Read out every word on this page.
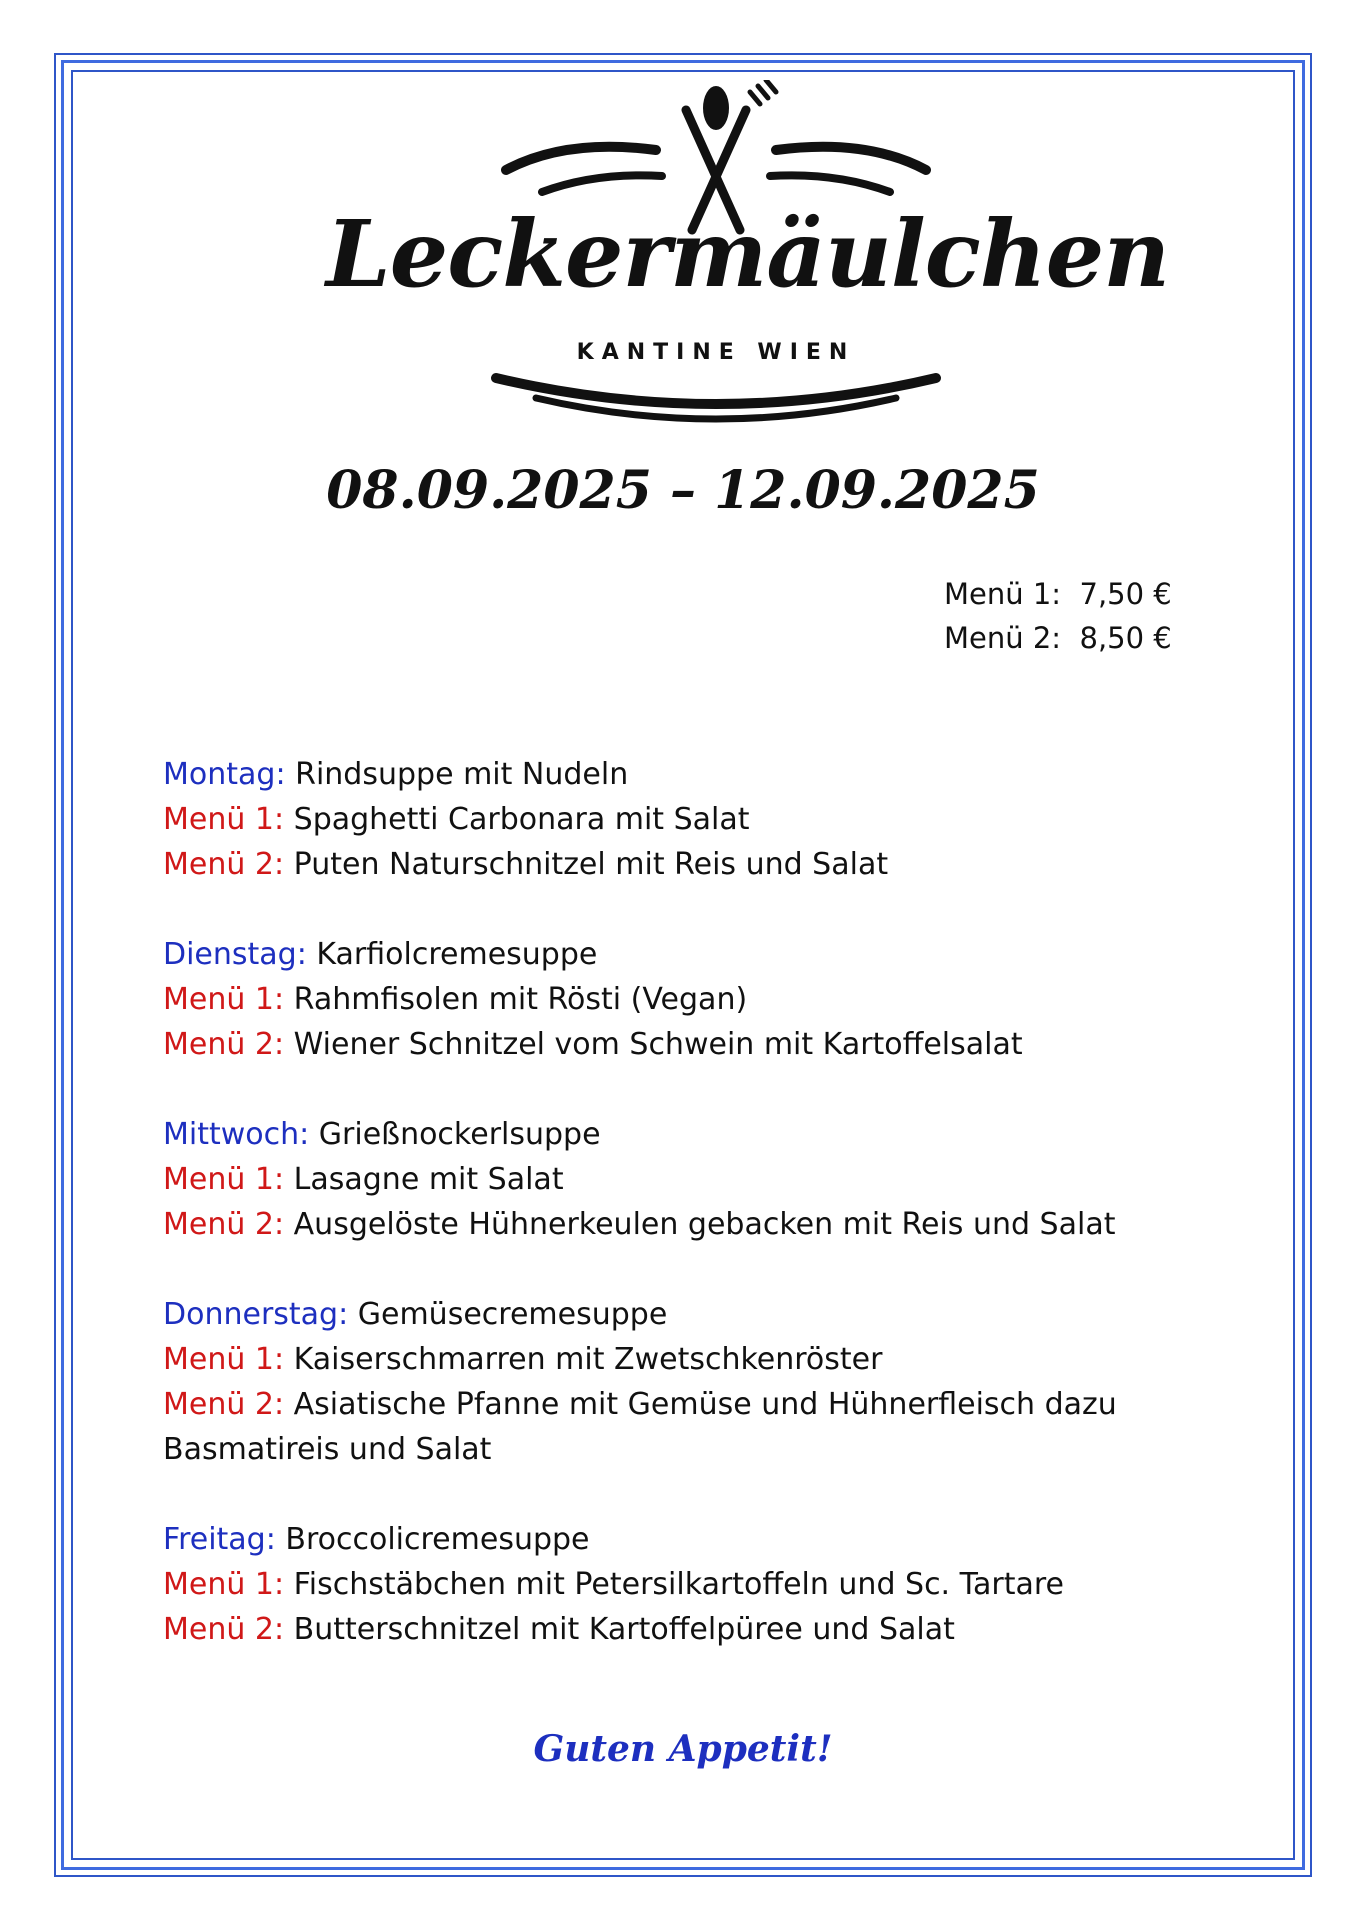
Leckermäulchen
KANTINE WIEN
08.09.2025 – 12.09.2025
Menü 1: 7,50 €
Menü 2: 8,50 €
Montag: Rindsuppe mit Nudeln
Menü 1: Spaghetti Carbonara mit Salat
Menü 2: Puten Naturschnitzel mit Reis und Salat
Dienstag: Karfiolcremesuppe
Menü 1: Rahmfisolen mit Rösti (Vegan)
Menü 2: Wiener Schnitzel vom Schwein mit Kartoffelsalat
Mittwoch: Grießnockerlsuppe
Menü 1: Lasagne mit Salat
Menü 2: Ausgelöste Hühnerkeulen gebacken mit Reis und Salat
Donnerstag: Gemüsecremesuppe
Menü 1: Kaiserschmarren mit Zwetschkenröster
Menü 2: Asiatische Pfanne mit Gemüse und Hühnerfleisch dazu Basmatireis und Salat
Freitag: Broccolicremesuppe
Menü 1: Fischstäbchen mit Petersilkartoffeln und Sc. Tartare
Menü 2: Butterschnitzel mit Kartoffelpüree und Salat
Guten Appetit!
